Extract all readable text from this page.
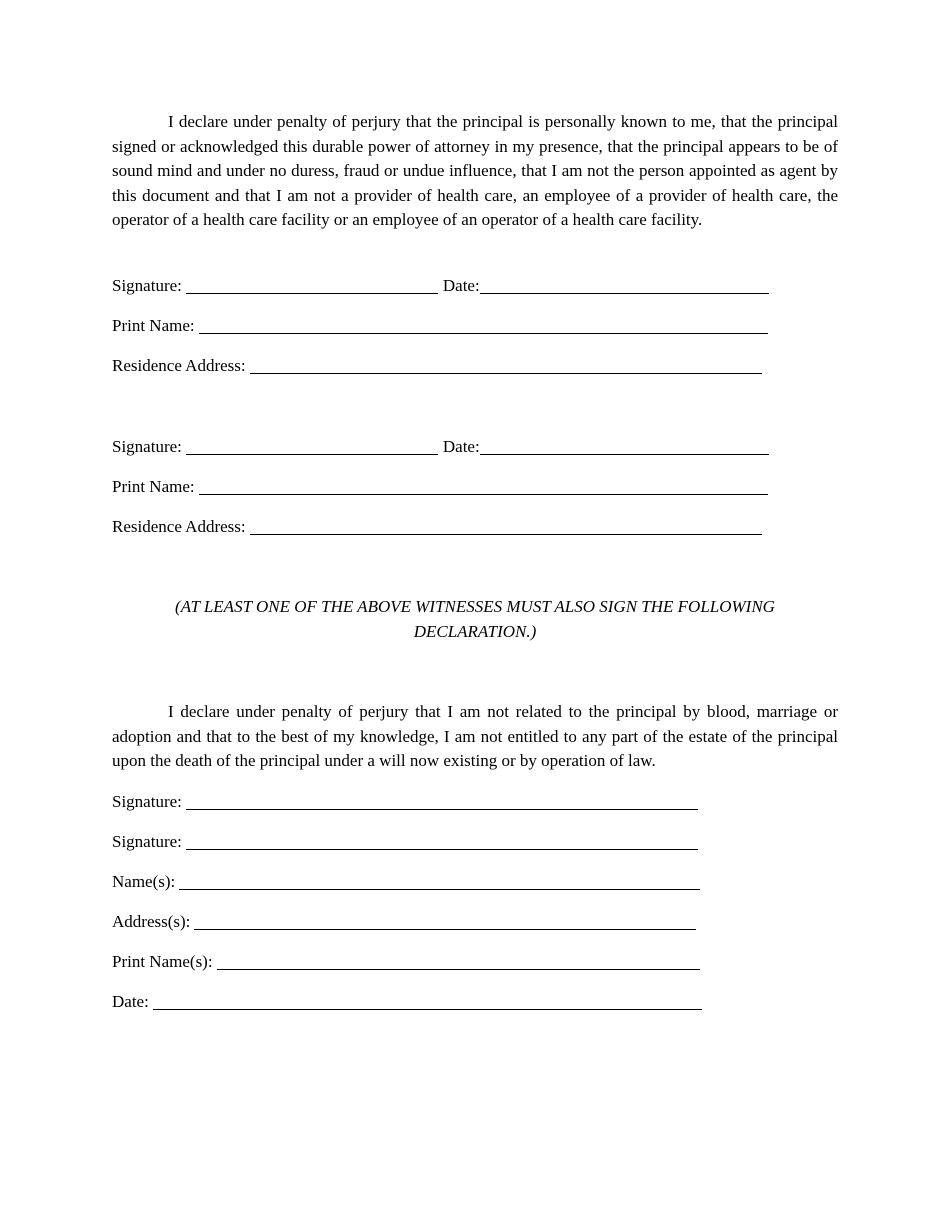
I declare under penalty of perjury that the principal is personally known to me, that the principal signed or acknowledged this durable power of attorney in my presence, that the principal appears to be of sound mind and under no duress, fraud or undue influence, that I am not the person appointed as agent by this document and that I am not a provider of health care, an employee of a provider of health care, the operator of a health care facility or an employee of an operator of a health care facility.

Signature:	Date:
Print Name:
Residence Address:
Signature:	Date:
Print Name:
Residence Address:
(AT LEAST ONE OF THE ABOVE WITNESSES MUST ALSO SIGN THE FOLLOWING
DECLARATION.)

I declare under penalty of perjury that I am not related to the principal by blood, marriage or adoption and that to the best of my knowledge, I am not entitled to any part of the estate of the principal upon the death of the principal under a will now existing or by operation of law.

Signature:
Signature:
Name(s):
Address(s):
Print Name(s):
Date:
